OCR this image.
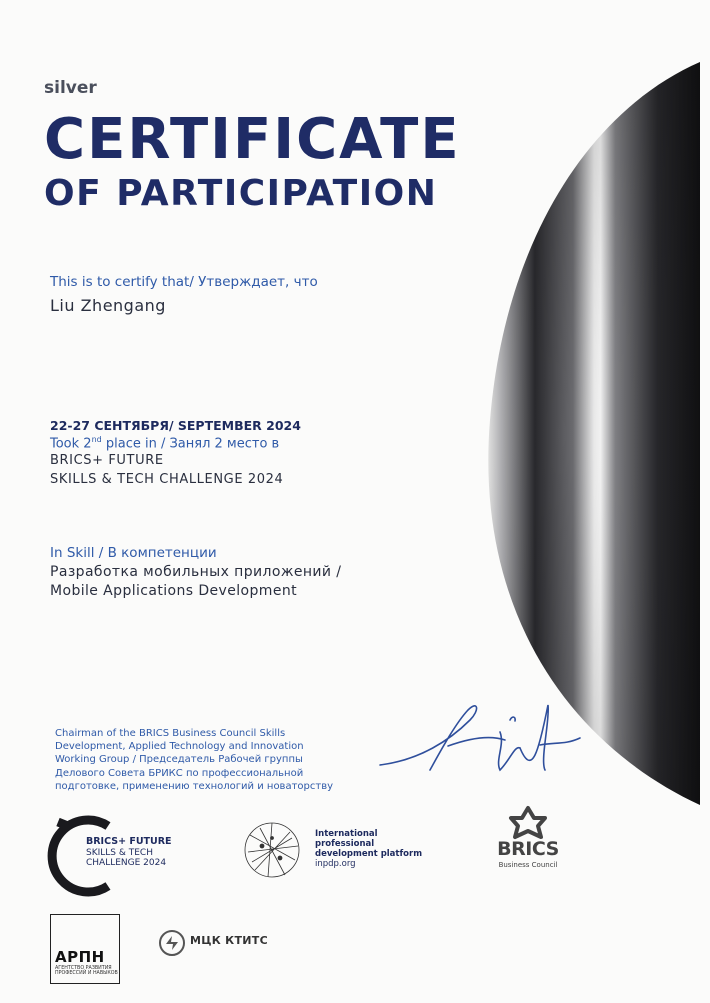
silver
CERTIFICATE
OF PARTICIPATION
This is to certify that/ Утверждает, что
Liu Zhengang
22-27 СЕНТЯБРЯ/ SEPTEMBER 2024
Took 2nd place in / Занял 2 место в
BRICS+ FUTURE
SKILLS & TECH CHALLENGE 2024
In Skill / В компетенции
Разработка мобильных приложений /
Mobile Applications Development
Chairman of the BRICS Business Council Skills
Development, Applied Technology and Innovation
Working Group / Председатель Рабочей группы
Делового Совета БРИКС по профессиональной
подготовке, применению технологий и новаторству
BRICS+ FUTURE
SKILLS & TECH
CHALLENGE 2024
International
professional
development platform
inpdp.org
BRICS
Business Council
АРПН
АГЕНТСТВО РАЗВИТИЯ ПРОФЕССИЙ И НАВЫКОВ
МЦК КТИТС
